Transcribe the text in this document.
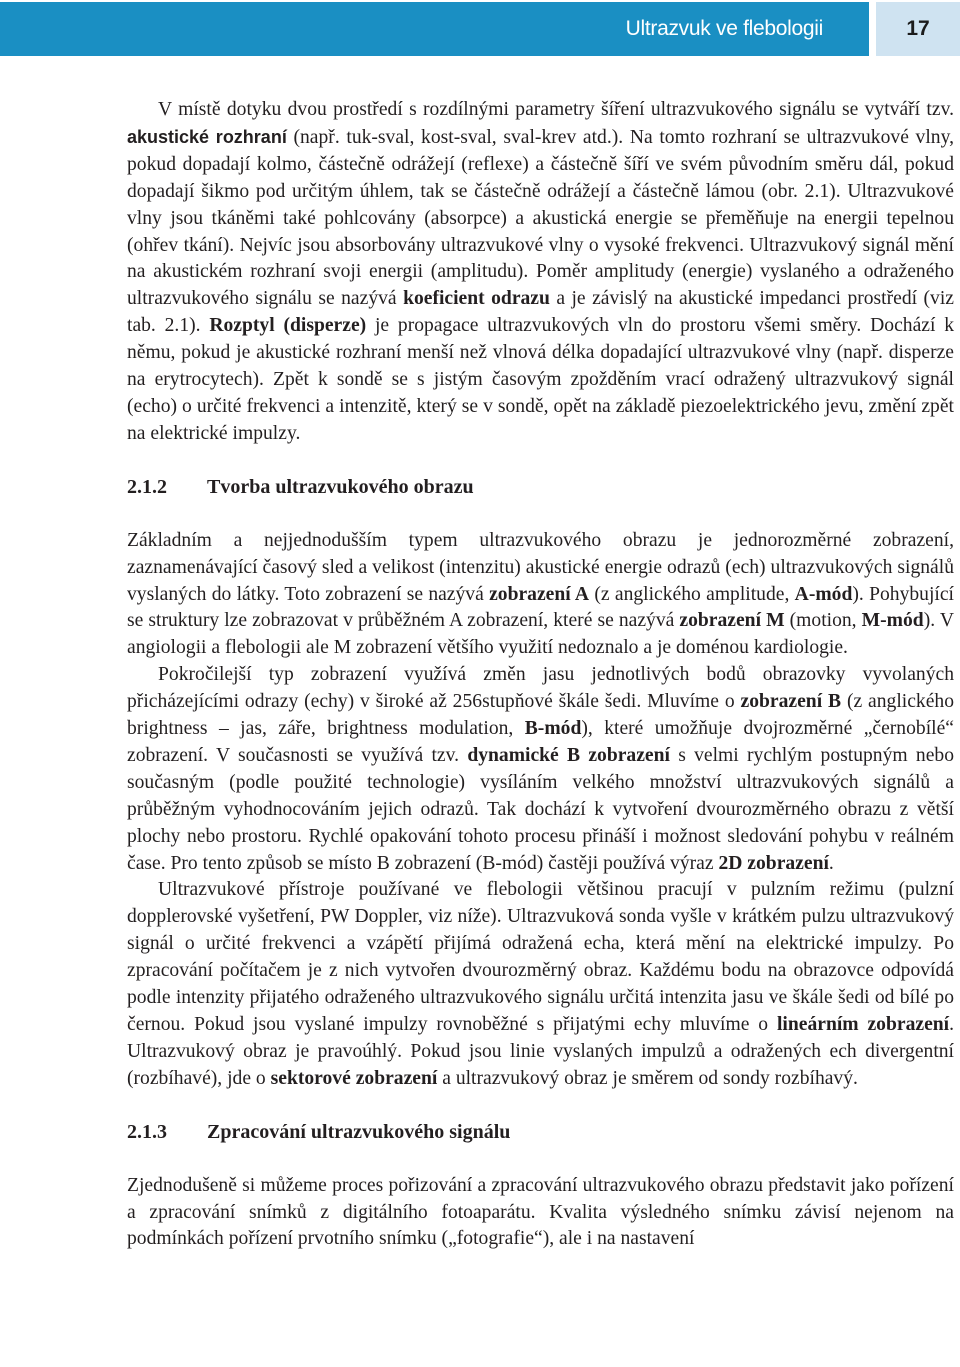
Ultrazvuk ve flebologii	17

V místě dotyku dvou prostředí s rozdílnými parametry šíření ultrazvukového signálu se vytváří tzv. akustické rozhraní (např. tuk-sval, kost-sval, sval-krev atd.). Na tomto rozhraní se ultrazvukové vlny, pokud dopadají kolmo, částečně odrážejí (reflexe) a částečně šíří ve svém původním směru dál, pokud dopadají šikmo pod určitým úhlem, tak se částečně odrážejí a částečně lámou (obr. 2.1). Ultrazvukové vlny jsou tkáněmi také pohlcovány (absorpce) a akustická energie se přeměňuje na energii tepelnou (ohřev tkání). Nejvíc jsou absorbovány ultrazvukové vlny o vysoké frekvenci. Ultrazvukový signál mění na akustickém rozhraní svoji energii (amplitudu). Poměr amplitudy (energie) vyslaného a odraženého ultrazvukového signálu se nazývá koeficient odrazu a je závislý na akustické impedanci prostředí (viz tab. 2.1). Rozptyl (disperze) je propagace ultrazvukových vln do prostoru všemi směry. Dochází k němu, pokud je akustické rozhraní menší než vlnová délka dopadající ultrazvukové vlny (např. disperze na erytrocytech). Zpět k sondě se s jistým časovým zpožděním vrací odražený ultrazvukový signál (echo) o určité frekvenci a intenzitě, který se v sondě, opět na základě piezoelektrického jevu, změní zpět na elektrické impulzy.

2.1.2 Tvorba ultrazvukového obrazu

Základním a nejjednodušším typem ultrazvukového obrazu je jednorozměrné zobrazení, zaznamenávající časový sled a velikost (intenzitu) akustické energie odrazů (ech) ultrazvukových signálů vyslaných do látky. Toto zobrazení se nazývá zobrazení A (z anglického amplitude, A-mód). Pohybující se struktury lze zobrazovat v průběžném A zobrazení, které se nazývá zobrazení M (motion, M-mód). V angiologii a flebologii ale M zobrazení většího využití nedoznalo a je doménou kardiologie.

Pokročilejší typ zobrazení využívá změn jasu jednotlivých bodů obrazovky vyvolaných přicházejícími odrazy (echy) v široké až 256stupňové škále šedi. Mluvíme o zobrazení B (z anglického brightness – jas, záře, brightness modulation, B-mód), které umožňuje dvojrozměrné „černobílé“ zobrazení. V současnosti se využívá tzv. dynamické B zobrazení s velmi rychlým postupným nebo současným (podle použité technologie) vysíláním velkého množství ultrazvukových signálů a průběžným vyhodnocováním jejich odrazů. Tak dochází k vytvoření dvourozměrného obrazu z větší plochy nebo prostoru. Rychlé opakování tohoto procesu přináší i možnost sledování pohybu v reálném čase. Pro tento způsob se místo B zobrazení (B-mód) častěji používá výraz 2D zobrazení.

Ultrazvukové přístroje používané ve flebologii většinou pracují v pulzním režimu (pulzní dopplerovské vyšetření, PW Doppler, viz níže). Ultrazvuková sonda vyšle v krátkém pulzu ultrazvukový signál o určité frekvenci a vzápětí přijímá odražená echa, která mění na elektrické impulzy. Po zpracování počítačem je z nich vytvořen dvourozměrný obraz. Každému bodu na obrazovce odpovídá podle intenzity přijatého odraženého ultrazvukového signálu určitá intenzita jasu ve škále šedi od bílé po černou. Pokud jsou vyslané impulzy rovnoběžné s přijatými echy mluvíme o lineárním zobrazení. Ultrazvukový obraz je pravoúhlý. Pokud jsou linie vyslaných impulzů a odražených ech divergentní (rozbíhavé), jde o sektorové zobrazení a ultrazvukový obraz je směrem od sondy rozbíhavý.

2.1.3 Zpracování ultrazvukového signálu

Zjednodušeně si můžeme proces pořizování a zpracování ultrazvukového obrazu představit jako pořízení a zpracování snímků z digitálního fotoaparátu. Kvalita výsledného snímku závisí nejenom na podmínkách pořízení prvotního snímku („fotografie“), ale i na nastavení
